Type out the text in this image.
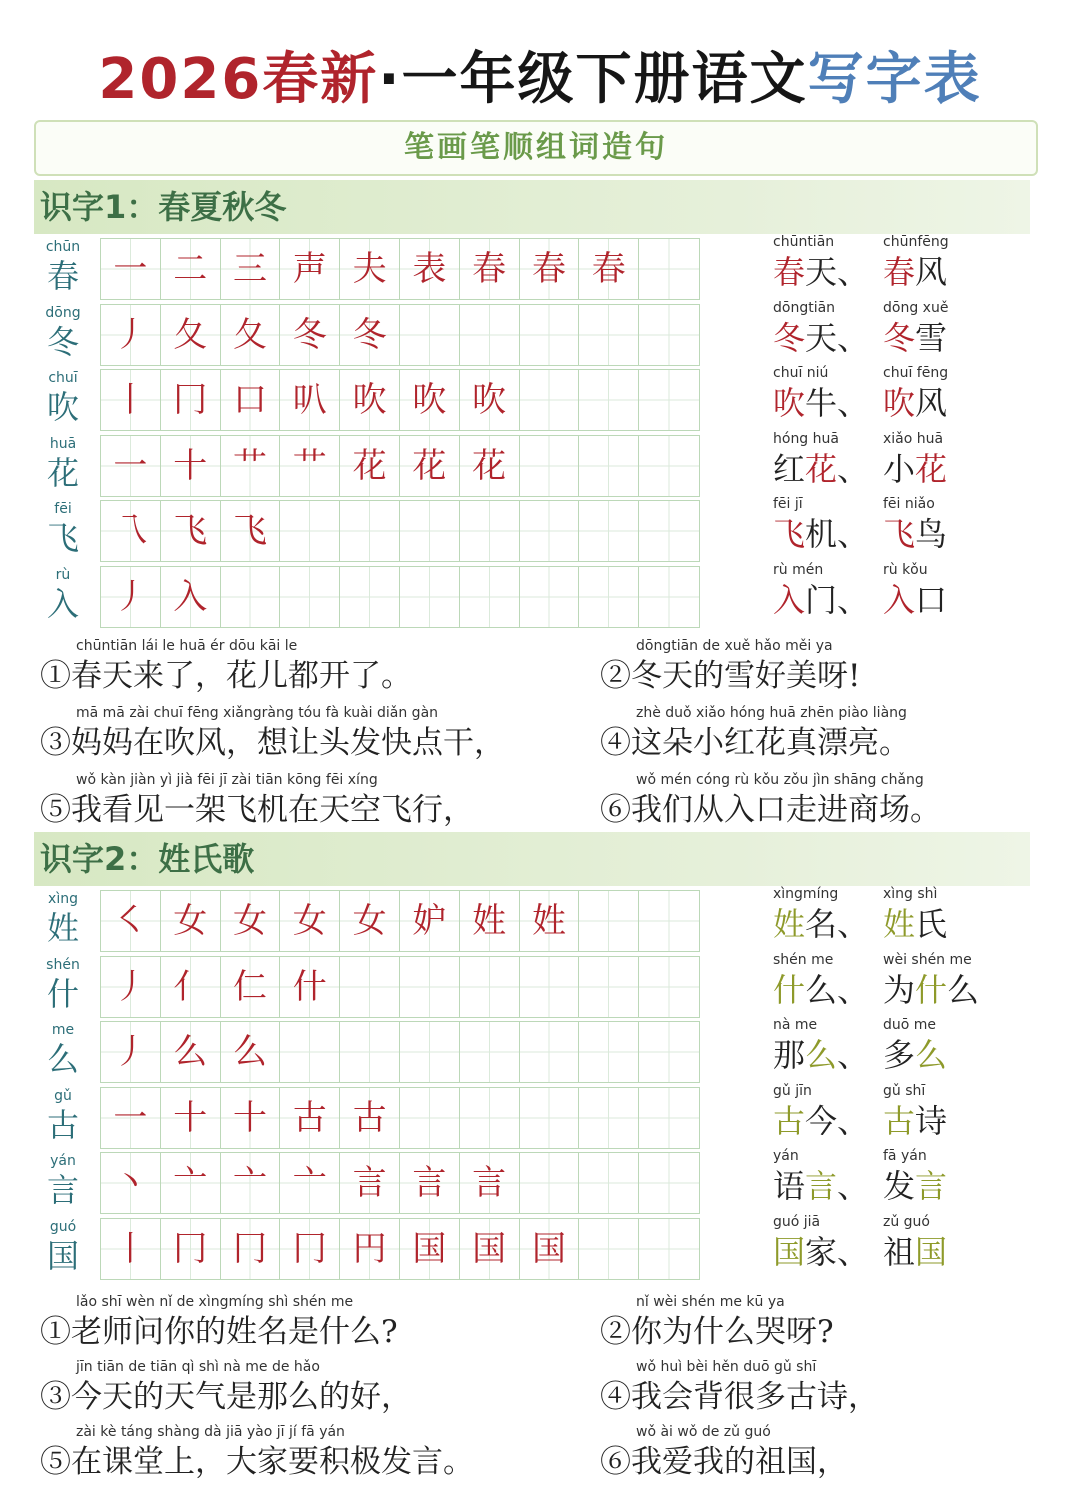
2026春新·一年级下册语文写字表
笔画笔顺组词造句
识字1：春夏秋冬
chūn
春	一 二 三 声 夫 表 春 春 春
chūntiān
春天、
chūnfēng
春风
dōng
冬	丿 夂 夂 冬 冬
dōngtiān
冬天、
dōng xuě
冬雪
chuī
吹	丨 冂 口 叭 吹 吹 吹
chuī niú
吹牛、
chuī fēng
吹风
huā
花	一 十 艹 艹 花 花 花
hóng huā
红花、
xiǎo huā
小花
fēi
飞	乁 飞 飞
fēi jī
飞机、
fēi niǎo
飞鸟
rù
入	丿 入
rù mén
入门、
rù kǒu
入口
chūntiān lái le huā ér dōu kāi le
①春天来了，花儿都开了。
dōngtiān de xuě hǎo měi ya
②冬天的雪好美呀!
mā mā zài chuī fēng xiǎngràng tóu fà kuài diǎn gàn
③妈妈在吹风，想让头发快点干，
zhè duǒ xiǎo hóng huā zhēn piào liàng
④这朵小红花真漂亮。
wǒ kàn jiàn yì jià fēi jī zài tiān kōng fēi xíng
⑤我看见一架飞机在天空飞行，
wǒ mén cóng rù kǒu zǒu jìn shāng chǎng
⑥我们从入口走进商场。
识字2：姓氏歌
xìng
姓	㇛ 女 女 女 女 妒 姓 姓
xìngmíng
姓名、
xìng shì
姓氏
shén
什	丿 亻 仁 什
shén me
什么、
wèi shén me
为什么
me
么	丿 么 么
nà me
那么、
duō me
多么
gǔ
古	一 十 十 古 古
gǔ jīn
古今、
gǔ shī
古诗
yán
言	丶 亠 亠 亠 言 言 言
yán
语言、
fā yán
发言
guó
国	丨 冂 冂 冂 円 国 国 国
guó jiā
国家、
zǔ guó
祖国
lǎo shī wèn nǐ de xìngmíng shì shén me
①老师问你的姓名是什么?
nǐ wèi shén me kū ya
②你为什么哭呀?
jīn tiān de tiān qì shì nà me de hǎo
③今天的天气是那么的好，
wǒ huì bèi hěn duō gǔ shī
④我会背很多古诗，
zài kè táng shàng dà jiā yào jī jí fā yán
⑤在课堂上，大家要积极发言。
wǒ ài wǒ de zǔ guó
⑥我爱我的祖国，
